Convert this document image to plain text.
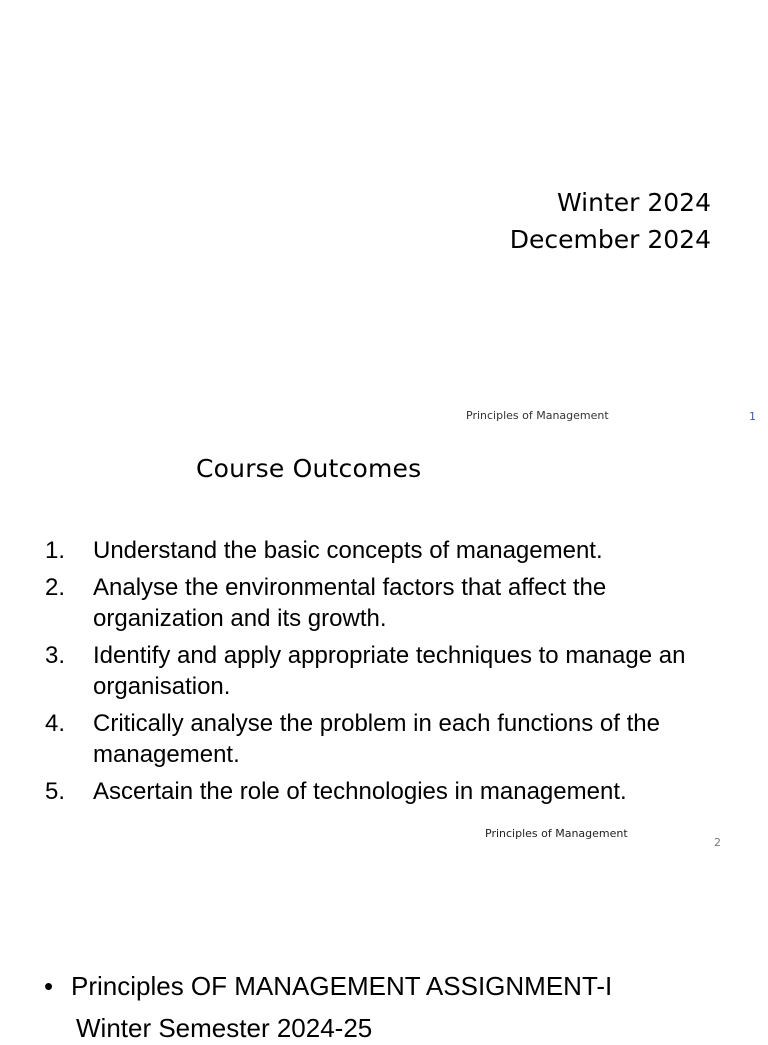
Winter 2024
December 2024
Principles of Management	1
Course Outcomes
1. Understand the basic concepts of management.
2. Analyse the environmental factors that affect the organization and its growth.
3. Identify and apply appropriate techniques to manage an organisation.
4. Critically analyse the problem in each functions of the management.
5. Ascertain the role of technologies in management.
Principles of Management
2
• Principles OF MANAGEMENT ASSIGNMENT-I
Winter Semester 2024-25
